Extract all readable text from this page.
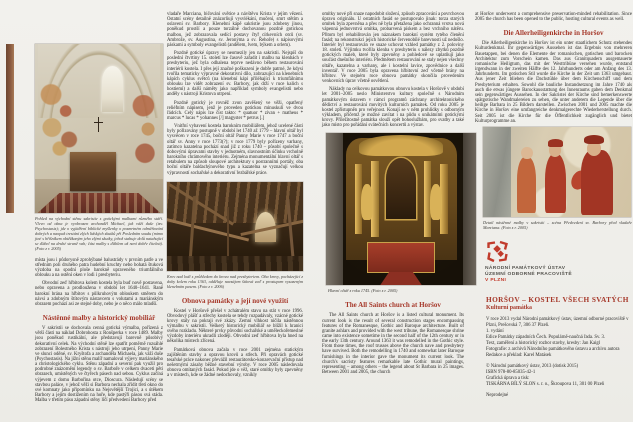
Pohled na východní stěnu sakristie s gotickými malbami různého stáří. Vlevo od okna je vyobrazen archanděl Michael, jak váží duše (tzv. Psychostasis); jde o vyjádření biblické myšlenky o posmrtném odměňování dobrých a naopak trestání zlých lidských skutků při Posledním soudu (mimo jiné s hříšníkem obtěžkaným jeho zlými skutky, jehož stahuje dolů natahující se ďábel na druhé straně vah; část malby s ďáblem už není dobře čitelná). (Foto z r. 2005)

místa jsou i půdorysně zprohýbané balustrády v prvním patře a ve středním poli druhého patra hudební kruchty nebo bohatá štuková výzdoba na spodní ploše barokně upraveného triumfálního oblouku a na ostění oken v lodi i presbyteriu.

Obvodní zeď hřbitova kolem kostela byla buď nově postavena, nebo opravena a prodloužena v období let 1640–1641. Raně barokní brána na hřbitov s půlkruhovým obloukem směrem do návsi a zdobným štítovým nástavcem s volutami a mariánským obrazem pochází asi ze stejné doby, nebo je o něco málo mladší.

Nástěnné malby a historický mobiliář

V sakristii se dochovala cenná gotická výmalba, pořízená z větší části na náklad Dobrohosta z Ronšperka v roce 1489. Malby jsou poněkud rustikální, ale představují barevně působivý dekorativní celek. Na východní stěně lze spatřit poměrně rozsáhlé zobrazení Bolestného Krista s nástroji jeho utrpení, Panny Marie ve slunci oděné, sv. Kryštofa a archanděla Michaela, jak váží duše (Psychostasis). Na jižní stěnu malíř namaloval výjevy mariánského a christologického cyklu. Stěnu západní a severní pak využil pro podrobné znázornění legendy o sv. Barboře v celkem dvaceti pěti obrazech, umístěných ve čtyřech pásech nad sebou. Cyklus začíná výjevem z domu Barbořina otce, Dioscura. Následují scény se stavbou paláce, v jehož věži si Barbora nechala zřídit třetí okno do své komnaty jako připomínku na Nejsvětější Trojici, a s útěkem Barbory a jejím dostižením na hoře, kde pastýři pásou svá stáda. Malba v třetím pásu západní stěny líčí předvedení Barbory před

vladaře Marciana, bičování světice a návštěvu Krista v jejím vězení. Ostatní scény detailně znázorňují vysvlékání, mučení, smrt stětím a oslavení sv. Barbory. Klenební kápě sakristie jsou zdobeny jinou, poněkud prostší a pouze torzálně dochovanou pozdně gotickou malbou, jež zobrazovala sedící postavy čtyř církevních otců (sv. Ambrože, sv. Augustina, sv. Jeronýma a sv. Řehoře) s nápisovými páskami a symboly evangelistů (andělem, lvem, býkem a orlem).

Pozdně gotické úpravy se neomezily jen na sakristii. Nejspíš do poslední čtvrtiny 15. století lze časově zařadit i malbu na klenbách v presbyteriu, jež byla odhalena teprve nedávno během restaurování interiérů kostela. I přes její značné poškození je dobře patrné, že kdysi tvořila tematicky výpravné dekorativní dílo, zobrazující na klenebních kápích cyklus světců (na klenební kápi přiléhající k triumfálnímu oblouku lze vidět zobrazení sv. Barbory, jak drží v ruce kalich s hostiemi) a další náměty jako například symboly evangelistů nebo anděly s nástroji Kristova utrpení.

Pozdně gotický je rovněž zvon zavěšený ve věži, opatřený reliéfním nápisem, jenž je proveden gotickou minuskulí ve dvou řádcích. Celý nápis lze číst takto: * quatuor * zivan + matheus * marcus * lucas * yohannes [/] magyster * petrus [.]

Vnitřní vybavení kostela barokním mobiliářem, jehož ucelené části byly pořizovány postupně v období let 1740 až 1779 – hlavní oltář byl vysvěcen v roce 1745, boční oltář Panny Marie v roce 1747 a boční oltář sv. Anny v roce 1773(?); v roce 1779 byly pořízeny varhany, zatímco kazatelna pochází snad již z roku 1740 – působí společně s dobovými úpravami stavby v jednotném, slavnostním účinku vrcholně barokního chrámového interiéru. Zejména monumentální hlavní oltář s retabulem na způsob sloupové architektury s postranními portály, oba boční oltáře baldachýnového typu a kazatelna se vyznačují velkou výpravností sochařské a dekorativní řezbářské práce.

Krov nad lodí s průhledem do krovu nad presbyteriem. Oba krovy, pocházející z doby kolem roku 1363, odděluje navzájem štítová zeď s prostupem vysazeným klenebním pasem. (Foto z r. 2006)

Obnova památky a její nové využití

Kostel v Horšově přešel v zchátralém stavu na stát v roce 1996. Obvodový plášť a střechy kostela se tehdy rozpadávaly, vzácné gotické krovy stály na pokraji své zkázy. Zemní vlhkost ničila nástěnnou výmalbu v sakristii. Veškerý historický mobiliář se blížil k hranici svého rozkladu. Některé prvky původní sochařské a uměleckořemeslné výzdoby interiéru ukradli zloději. Obvodní zeď hřbitova byla hned na několika místech zřícená.

Památková obnova začala v roce 2001 zejména statickým zajištěním stavby a opravou krovů a střech. Při opravách gotické tesařské práce nakonec převážil restaurátorsko-konzervační přístup nad nešetrnými zásahy běžné stavební výroby. V roce 2005 následovala obnova omítaných fasád. Pokud jde o věž, staré omítky byly zpevněny a v místech, kde se žádné nedochovaly, vznikly

omítky nové při snaze napodobit složení, způsob zpracování a povrchovou úpravu originálu. U ostatních fasád se postupovalo jinak: torza starých omítek byla zpevněna a přes ně byla přetažena jako ochranná vrstva nová vápenná jednovrstvá omítka, probarvená pískem a bez vrchního nátěru. Přitom byl rehabilitován jen náznakem barokní systém rytého členění fasád; na rekonstrukci jejich historické červenobílé barevnosti už nedošlo. Interiér byl restaurován ve snaze uchovat vzhled památky z 2. poloviny 18. století. Výjimku tvořila klenba v presbyteriu s nálezy zbytků pozdně gotických maleb, které byly zpevněny a pohledově se uplatňují jako součást dnešního interiéru. Předmětem restaurování se staly nejen všechny oltáře, kazatelna a varhany, ale i kostelní lavice, zpovědnice a další inventář. V roce 2005 byla opravena hřbitovní zeď včetně brány na hřbitov. Ve stejném roce obnova památky skončila provedením venkovních úprav včetně osvětlení.

Náklady na celkovou památkovou obnovu kostela v Horšově v období let 2001–2005 neslo Ministerstvo kultury společně s Národním památkovým ústavem v rámci programů záchrany architektonického dědictví a restaurování movitých kulturních památek. Od roku 2005 je kostel zpřístupněn pro veřejnost. Konají se v něm prohlídky s odborným výkladem, přičemž je možné zavítat i na půdu s unikátními gotickými krovy. Příležitostně památka slouží opět bohoslužbám, pro svatby a také jako místo pro pořádání svátečních koncertů a výstav.

Hlavní oltář z roku 1745. (Foto z r. 2005)

The All Saints church at Horšov

The All Saints church at Horšov is a listed cultural monument. Its current look is the result of several construction stages encompassing features of the Romanesque, Gothic and Baroque architecture. Built of granite ashlars and provided with the west tribune, the Romanesque shrine came into existence sometime in the second half of the 12th century or in the early 13th century. Around 1363 it was remodelled in the Gothic style. From those times, the roof trusses above the church nave and presbytery have survived. Both the remodelling in 1740 and somewhat later Baroque furnishings in the interior gave the monument its current look. The church's sacristy features remarkable late Gothic mural paintings, representing – among others – the legend about St Barbara in 25 images. Between 2001 and 2005, the church

at Horšov underwent a comprehensive preservation-minded rehabilitation. Since 2005 the church has been opened to the public, hosting cultural events as well.

Die Allerheiligenkirche in Horšov

Die Allerheiligenkirche in Horšov ist ein unter staatlichem Schutz stehendes Kulturdenkmal. Ihr gegenwärtiges Aussehen ist das Ergebnis von mehreren Bauetappen, bei denen die Elemente der romanischen, gotischen und barocken Architektur zum Vorschein kamen. Das aus Granitquadern ausgemauerte romanische Heiligtum, das mit der Westtribüne versehen wurde, entstand irgendwann in der zweiten Hälfte des 12. Jahrhunderts oder am Anfang des 13. Jahrhunderts. Im gotischen Stil wurde die Kirche in der Zeit um 1363 umgebaut. Aus jener Zeit blieben die Dachstühle über dem Kirchenschiff und dem Presbyterium erhalten. Sowohl die bauliche Instandsetzung im Jahre 1740 als auch die etwas jüngere Barockausstattung des Innenraums gaben dem Denkmal sein gegenwärtiges Aussehen. In der Sakristei der Kirche sind bemerkenswerte spätgotische Wandmalereien zu sehen, die unter anderem die Legende über die heilige Barbara in 25 Bildern darstellen. Zwischen 2001 und 2005 machte die Kirche in Horšov eine umfangreiche denkmalgerechte Wiederherstellung durch. Seit 2005 ist die Kirche für die Öffentlichkeit zugänglich und bietet Kulturprogramme an.

Detail nástěnné malby v sakristii – scéna Předvedení sv. Barbory před vladaře Marciana. (Foto z r. 2005)

NÁRODNÍ PAMÁTKOVÝ ÚSTAV
ÚZEMNÍ ODBORNÉ PRACOVIŠTĚ
V PLZNI
HORŠOV – KOSTEL VŠECH SVATÝCH
Kulturní památka
V roce 2013 vydal Národní památkový ústav, územní odborné pracoviště v Plzni, Prešovská 7, 306 37 Plzeň.
1. vydání
Edice Památky západních Čech. Populárně-naučná řada. Sv. 3.
Text, zaměření a historický rozbor stavby, kresby: Jan Kaigl
Fotografie: z archivů Národního památkového ústavu a archivu autora
Redakce a překlad: Karel Matásek
© Národní památkový ústav, 2013 (dotisk 2015)
ISBN 978-80-85035-42-1
Grafická úprava a tisk:
TISKÁRNA BÍLÝ SLON s. r. o., Škroupova 11, 301 00 Plzeň
Neprodejné
